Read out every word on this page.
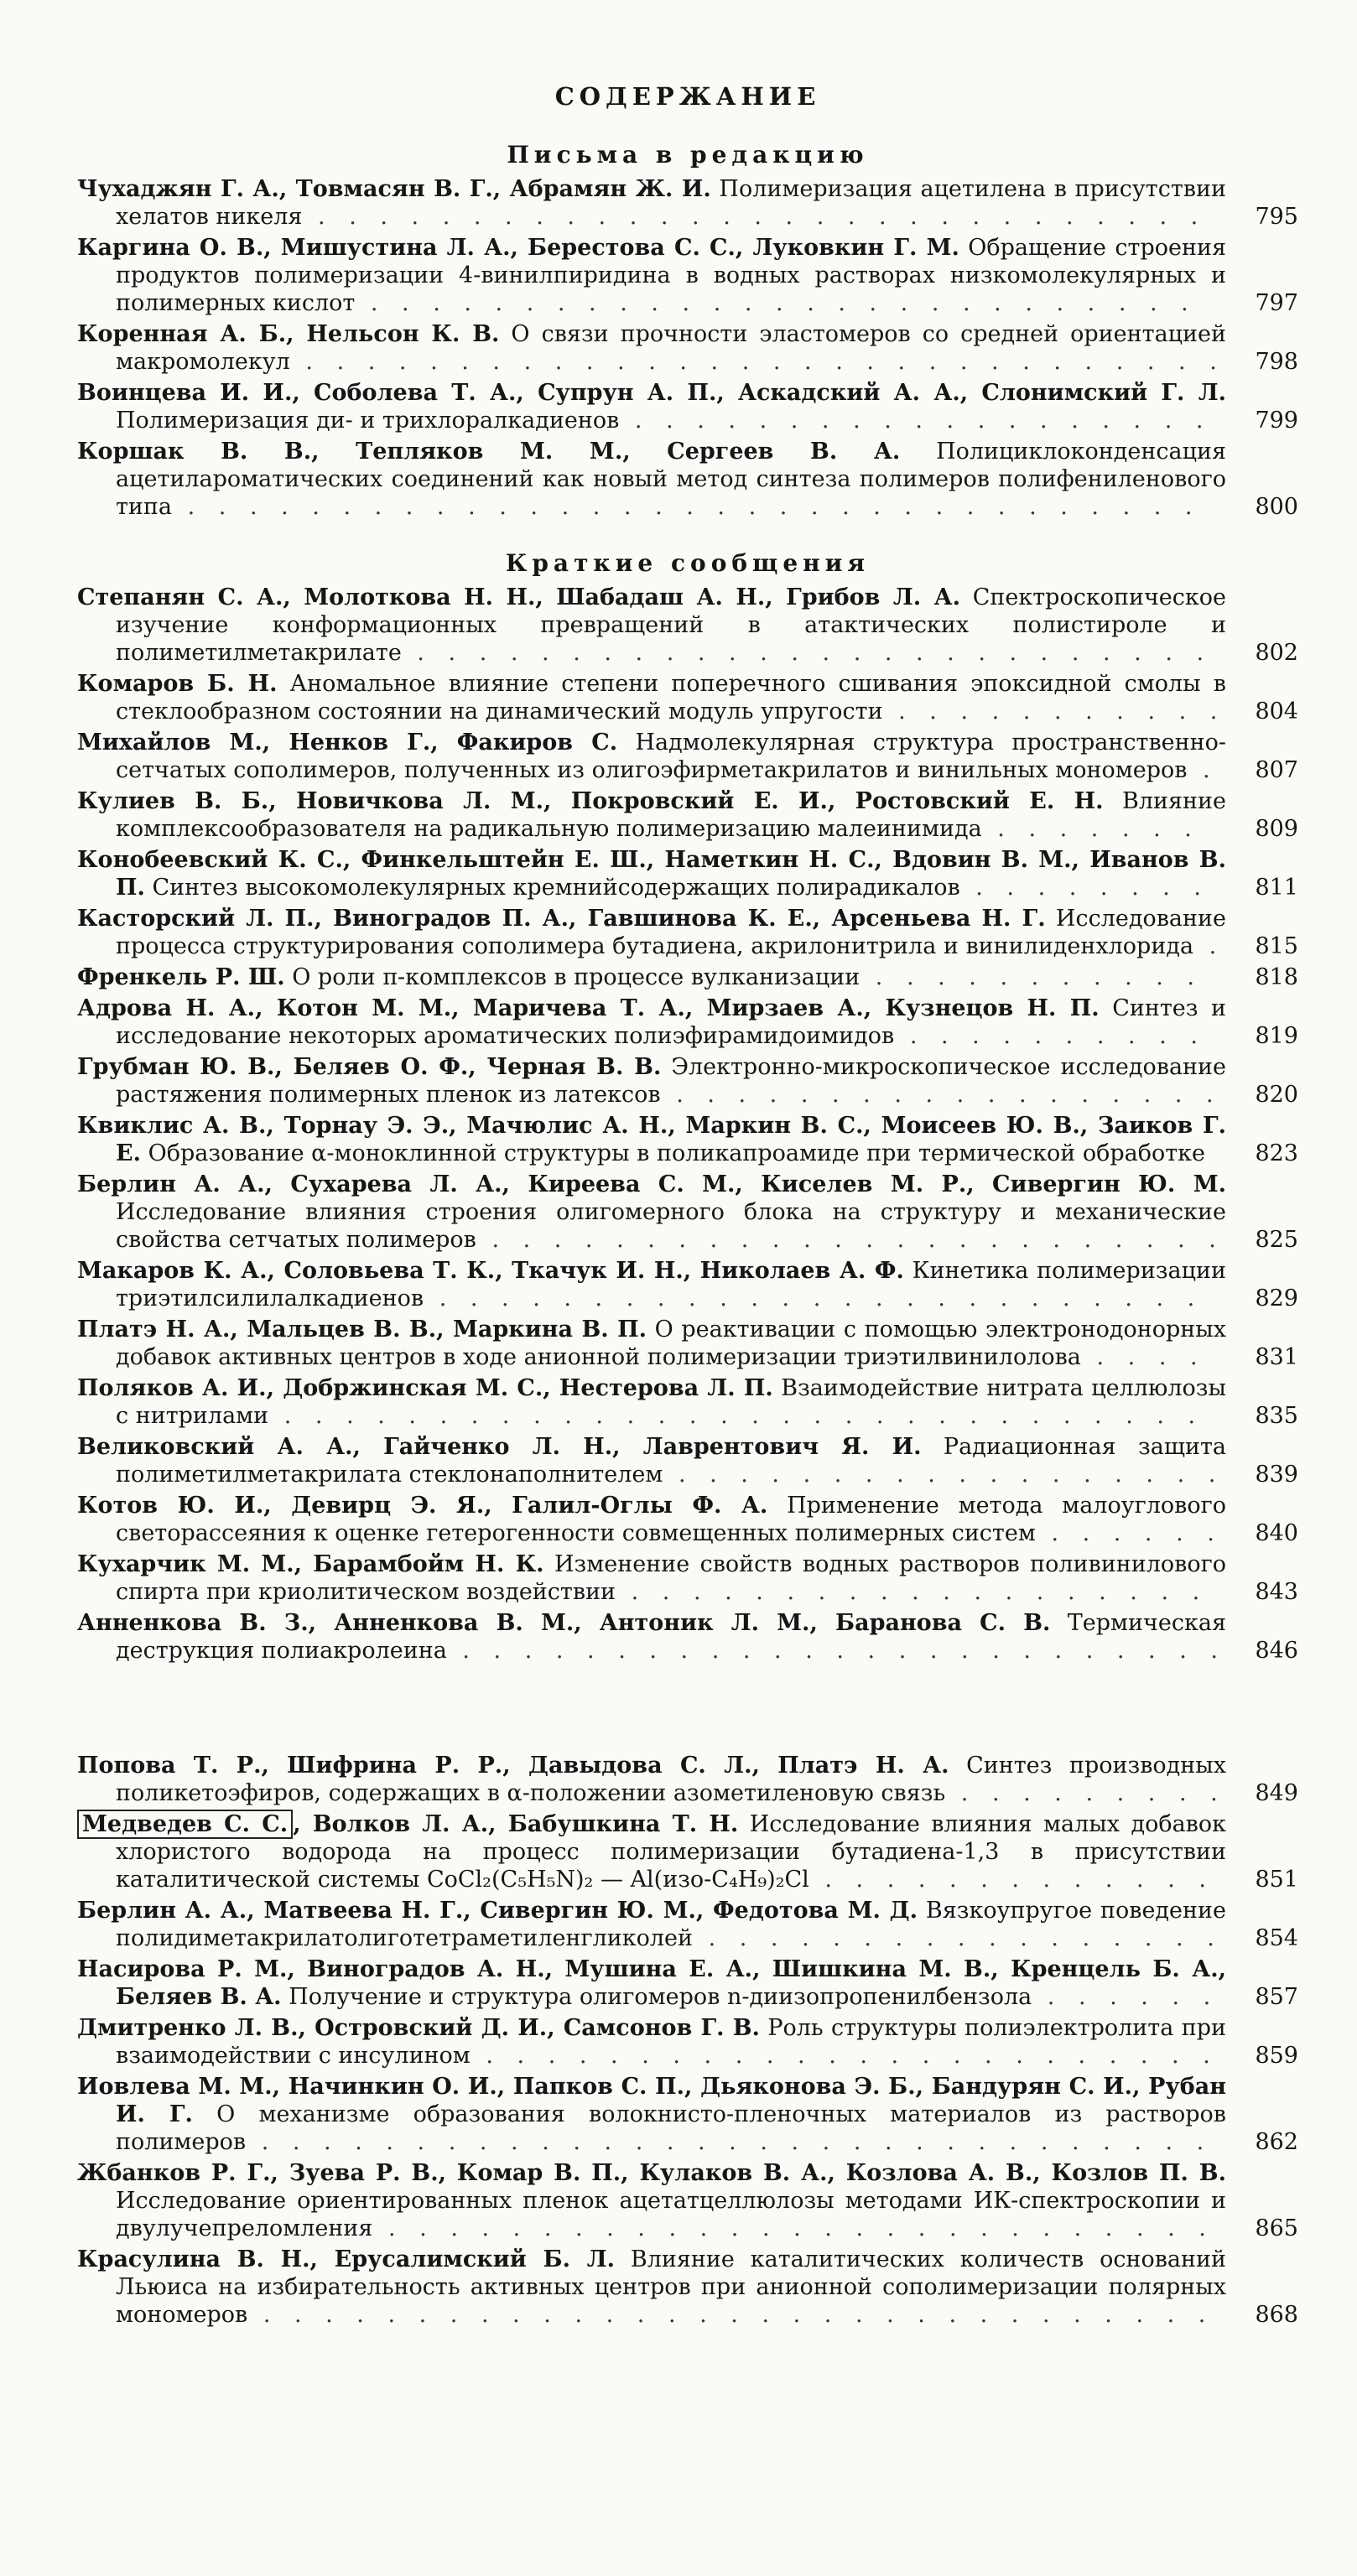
СОДЕРЖАНИЕ
Письма в редакцию
Чухаджян Г. А., Товмасян В. Г., Абрамян Ж. И. Полимеризация ацетилена в присутствии хелатов никеля . . . . . . . . . . . . . . . . . . . . . . . . . . . . .	795
Каргина О. В., Мишустина Л. А., Берестова С. С., Луковкин Г. М. Обращение строения продуктов полимеризации 4-винилпиридина в водных растворах низкомолекулярных и полимерных кислот . . . . . . . . . . . . . . . . . . . . . . . . . . .	797
Коренная А. Б., Нельсон К. В. О связи прочности эластомеров со средней ориентацией макромолекул . . . . . . . . . . . . . . . . . . . . . . . . . . . . . .	798
Воинцева И. И., Соболева Т. А., Супрун А. П., Аскадский А. А., Слонимский Г. Л. Полимеризация ди- и трихлоралкадиенов . . . . . . . . . . . . . . . . . . .	799
Коршак В. В., Тепляков М. М., Сергеев В. А. Полициклоконденсация ацетилароматических соединений как новый метод синтеза полимеров полифениленового типа . . . . . . . . . . . . . . . . . . . . . . . . . . . . . . . . .	800
Краткие сообщения
Степанян С. А., Молоткова Н. Н., Шабадаш А. Н., Грибов Л. А. Спектроскопическое изучение конформационных превращений в атактических полистироле и полиметилметакрилате . . . . . . . . . . . . . . . . . . . . . . . . . .	802
Комаров Б. Н. Аномальное влияние степени поперечного сшивания эпоксидной смолы в стеклообразном состоянии на динамический модуль упругости . . . . . . . . . . .	804
Михайлов М., Ненков Г., Факиров С. Надмолекулярная структура пространственно-сетчатых сополимеров, полученных из олигоэфирметакрилатов и винильных мономеров .	807
Кулиев В. Б., Новичкова Л. М., Покровский Е. И., Ростовский Е. Н. Влияние комплексообразователя на радикальную полимеризацию малеинимида . . . . . . .	809
Конобеевский К. С., Финкельштейн Е. Ш., Наметкин Н. С., Вдовин В. М., Иванов В. П. Синтез высокомолекулярных кремнийсодержащих полирадикалов . . . . . . . .	811
Касторский Л. П., Виноградов П. А., Гавшинова К. Е., Арсеньева Н. Г. Исследование процесса структурирования сополимера бутадиена, акрилонитрила и винилиденхлорида .	815
Френкель Р. Ш. О роли π-комплексов в процессе вулканизации . . . . . . . . . . .	818
Адрова Н. А., Котон М. М., Маричева Т. А., Мирзаев А., Кузнецов Н. П. Синтез и исследование некоторых ароматических полиэфирамидоимидов . . . . . . . . . .	819
Грубман Ю. В., Беляев О. Ф., Черная В. В. Электронно-микроскопическое исследование растяжения полимерных пленок из латексов . . . . . . . . . . . . . . . . . .	820
Квиклис А. В., Торнау Э. Э., Мачюлис А. Н., Маркин В. С., Моисеев Ю. В., Заиков Г. Е. Образование α-моноклинной структуры в поликапроамиде при термической обработке	823
Берлин А. А., Сухарева Л. А., Киреева С. М., Киселев М. Р., Сивергин Ю. М. Исследование влияния строения олигомерного блока на структуру и механические свойства сетчатых полимеров . . . . . . . . . . . . . . . . . . . . . . . .	825
Макаров К. А., Соловьева Т. К., Ткачук И. Н., Николаев А. Ф. Кинетика полимеризации триэтилсилилалкадиенов . . . . . . . . . . . . . . . . . . . . . . . . .	829
Платэ Н. А., Мальцев В. В., Маркина В. П. О реактивации с помощью электронодонорных добавок активных центров в ходе анионной полимеризации триэтилвинилолова . . . .	831
Поляков А. И., Добржинская М. С., Нестерова Л. П. Взаимодействие нитрата целлюлозы с нитрилами . . . . . . . . . . . . . . . . . . . . . . . . . . . . . .	835
Великовский А. А., Гайченко Л. Н., Лаврентович Я. И. Радиационная защита полиметилметакрилата стеклонаполнителем . . . . . . . . . . . . . . . . . .	839
Котов Ю. И., Девирц Э. Я., Галил-Оглы Ф. А. Применение метода малоуглового светорассеяния к оценке гетерогенности совмещенных полимерных систем . . . . . .	840
Кухарчик М. М., Барамбойм Н. К. Изменение свойств водных растворов поливинилового спирта при криолитическом воздействии . . . . . . . . . . . . . . . . . . .	843
Анненкова В. З., Анненкова В. М., Антоник Л. М., Баранова С. В. Термическая деструкция полиакролеина . . . . . . . . . . . . . . . . . . . . . . . . .	846
Попова Т. Р., Шифрина Р. Р., Давыдова С. Л., Платэ Н. А. Синтез производных поликетоэфиров, содержащих в α-положении азометиленовую связь . . . . . . . . .	849
Медведев С. С. , Волков Л. А., Бабушкина Т. Н. Исследование влияния малых добавок хлористого водорода на процесс полимеризации бутадиена-1,3 в присутствии каталитической системы CoCl₂(C₅H₅N)₂ — Al(изо-C₄H₉)₂Cl . . . . . . . . . . . . .	851
Берлин А. А., Матвеева Н. Г., Сивергин Ю. М., Федотова М. Д. Вязкоупругое поведение полидиметакрилатолиготетраметиленгликолей . . . . . . . . . . . . . . . . .	854
Насирова Р. М., Виноградов А. Н., Мушина Е. А., Шишкина М. В., Кренцель Б. А., Беляев В. А. Получение и структура олигомеров n-диизопропенилбензола . . . . . .	857
Дмитренко Л. В., Островский Д. И., Самсонов Г. В. Роль структуры полиэлектролита при взаимодействии с инсулином . . . . . . . . . . . . . . . . . . . . . . . .	859
Иовлева М. М., Начинкин О. И., Папков С. П., Дьяконова Э. Б., Бандурян С. И., Рубан И. Г. О механизме образования волокнисто-пленочных материалов из растворов полимеров . . . . . . . . . . . . . . . . . . . . . . . . . . . . . . .	862
Жбанков Р. Г., Зуева Р. В., Комар В. П., Кулаков В. А., Козлова А. В., Козлов П. В. Исследование ориентированных пленок ацетатцеллюлозы методами ИК-спектроскопии и двулучепреломления . . . . . . . . . . . . . . . . . . . . . . . . . . .	865
Красулина В. Н., Ерусалимский Б. Л. Влияние каталитических количеств оснований Льюиса на избирательность активных центров при анионной сополимеризации полярных мономеров . . . . . . . . . . . . . . . . . . . . . . . . . . . . . . .	868
